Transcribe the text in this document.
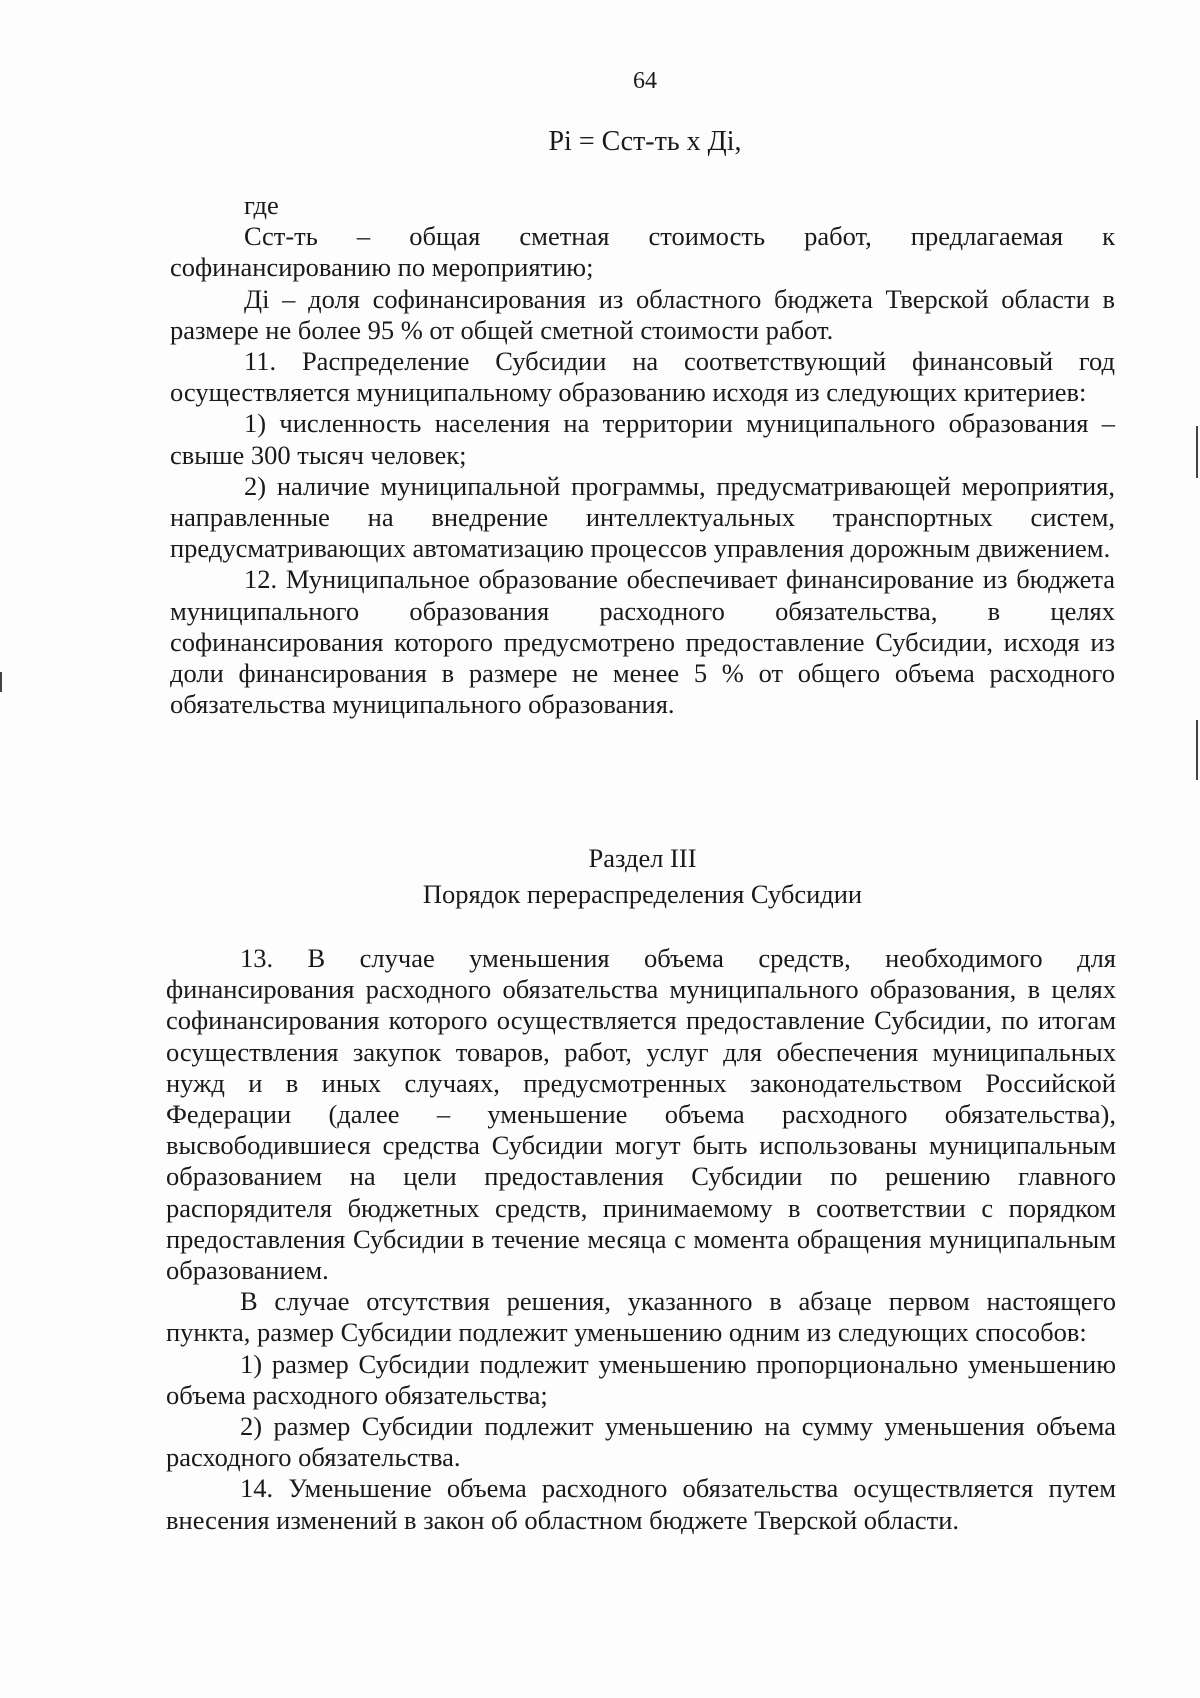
64
Рi = Сст-ть х Дi,

где

Сст-ть – общая сметная стоимость работ, предлагаемая к софинансированию по мероприятию;

Дi – доля софинансирования из областного бюджета Тверской области в размере не более 95 % от общей сметной стоимости работ.

11. Распределение Субсидии на соответствующий финансовый год осуществляется муниципальному образованию исходя из следующих критериев:

1) численность населения на территории муниципального образования – свыше 300 тысяч человек;

2) наличие муниципальной программы, предусматривающей мероприятия, направленные на внедрение интеллектуальных транспортных систем, предусматривающих автоматизацию процессов управления дорожным движением.

12. Муниципальное образование обеспечивает финансирование из бюджета муниципального образования расходного обязательства, в целях софинансирования которого предусмотрено предоставление Субсидии, исходя из доли финансирования в размере не менее 5 % от общего объема расходного обязательства муниципального образования.

Раздел III
Порядок перераспределения Субсидии

13. В случае уменьшения объема средств, необходимого для финансирования расходного обязательства муниципального образования, в целях софинансирования которого осуществляется предоставление Субсидии, по итогам осуществления закупок товаров, работ, услуг для обеспечения муниципальных нужд и в иных случаях, предусмотренных законодательством Российской Федерации (далее – уменьшение объема расходного обязательства), высвободившиеся средства Субсидии могут быть использованы муниципальным образованием на цели предоставления Субсидии по решению главного распорядителя бюджетных средств, принимаемому в соответствии с порядком предоставления Субсидии в течение месяца с момента обращения муниципальным образованием.

В случае отсутствия решения, указанного в абзаце первом настоящего пункта, размер Субсидии подлежит уменьшению одним из следующих способов:

1) размер Субсидии подлежит уменьшению пропорционально уменьшению объема расходного обязательства;

2) размер Субсидии подлежит уменьшению на сумму уменьшения объема расходного обязательства.

14. Уменьшение объема расходного обязательства осуществляется путем внесения изменений в закон об областном бюджете Тверской области.
